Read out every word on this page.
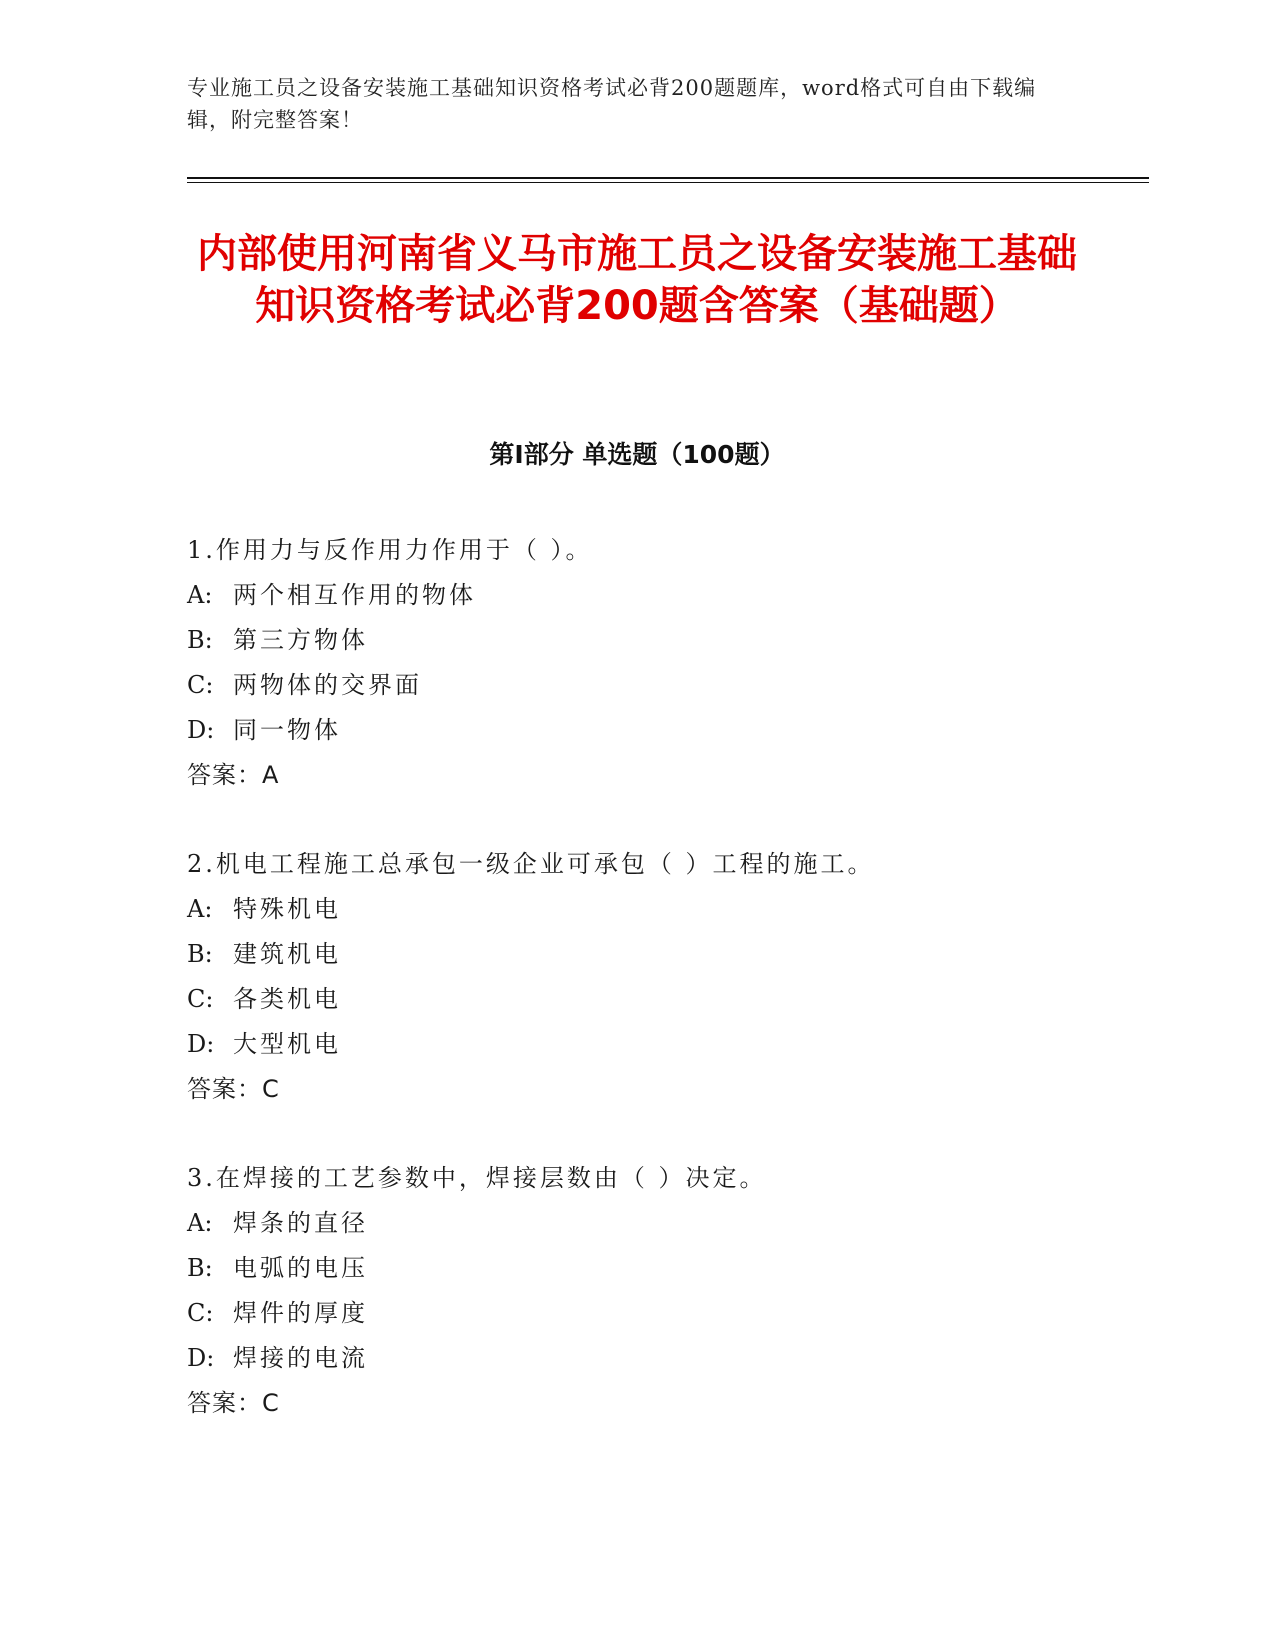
专业施工员之设备安装施工基础知识资格考试必背200题题库，word格式可自由下载编辑，附完整答案！
内部使用河南省义马市施工员之设备安装施工基础知识资格考试必背200题含答案（基础题）
第Ⅰ部分 单选题（100题）
1.作用力与反作用力作用于（ ）。
A: 两个相互作用的物体
B: 第三方物体
C: 两物体的交界面
D: 同一物体
答案：A
2.机电工程施工总承包一级企业可承包（ ）工程的施工。
A: 特殊机电
B: 建筑机电
C: 各类机电
D: 大型机电
答案：C
3.在焊接的工艺参数中，焊接层数由（ ）决定。
A: 焊条的直径
B: 电弧的电压
C: 焊件的厚度
D: 焊接的电流
答案：C
